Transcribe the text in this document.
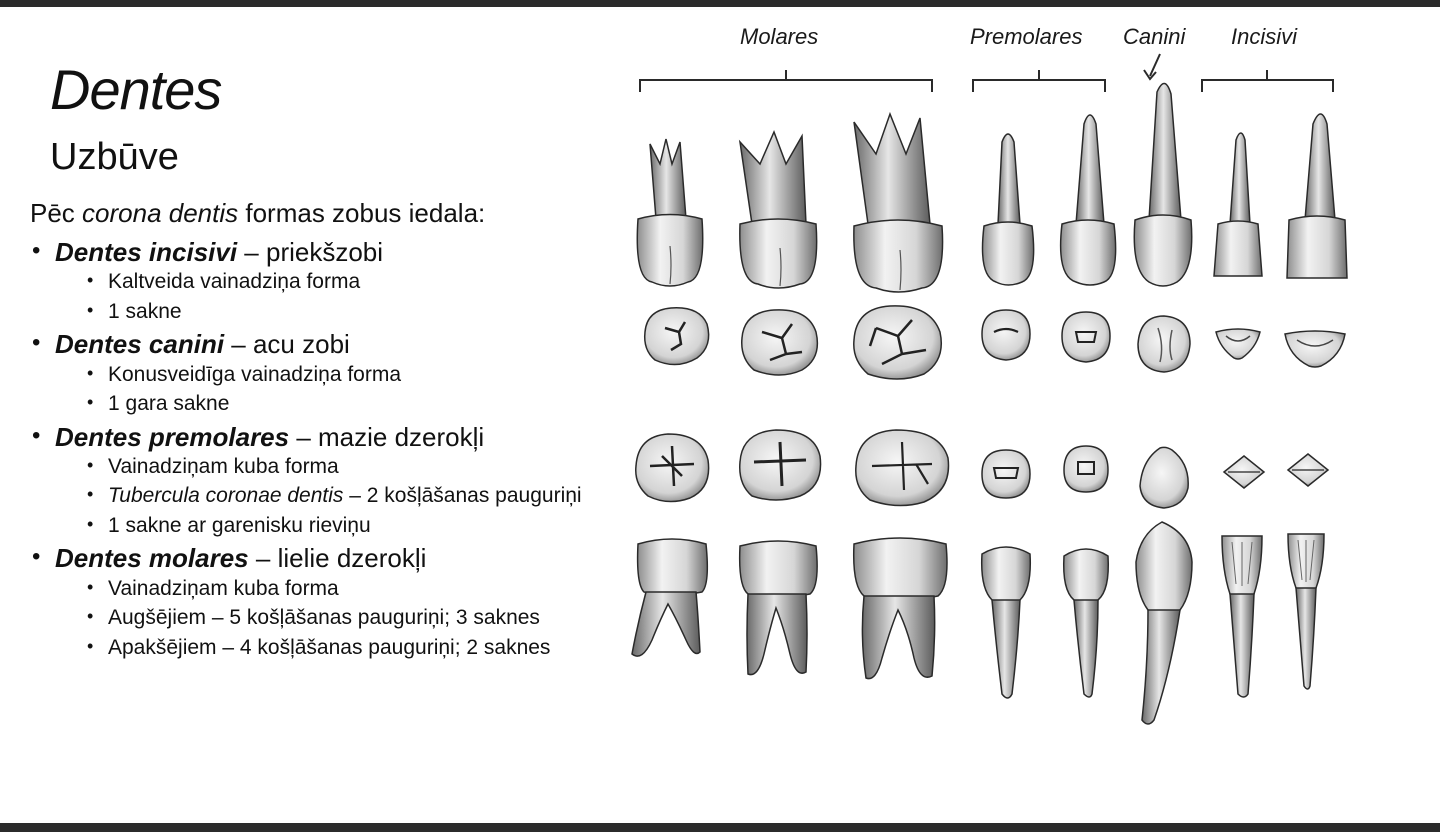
Dentes
Uzbūve

Pēc corona dentis formas zobus iedala:

• Dentes incisivi – priekšzobi
• Kaltveida vainadziņa forma
• 1 sakne
• Dentes canini – acu zobi
• Konusveidīga vainadziņa forma
• 1 gara sakne
• Dentes premolares – mazie dzerokļi
• Vainadziņam kuba forma
• Tubercula coronae dentis – 2 košļāšanas pauguriņi
• 1 sakne ar garenisku rieviņu
• Dentes molares – lielie dzerokļi
• Vainadziņam kuba forma
• Augšējiem – 5 košļāšanas pauguriņi; 3 saknes
• Apakšējiem – 4 košļāšanas pauguriņi; 2 saknes
Molares	Premolares Canini Incisivi
